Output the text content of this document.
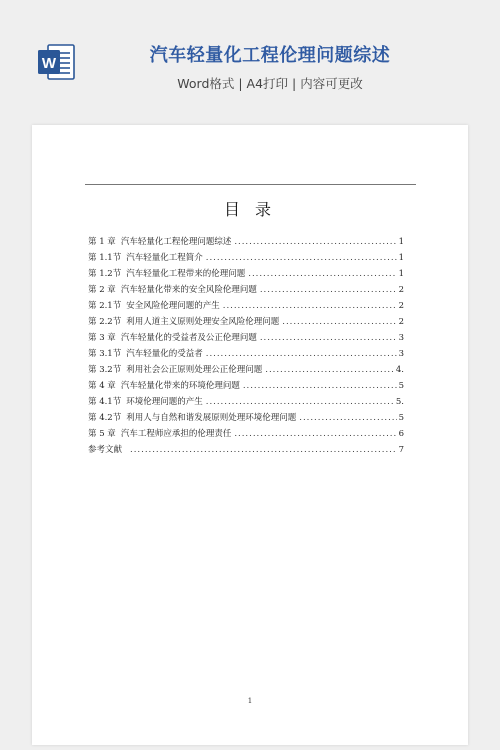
W	汽车轻量化工程伦理问题综述
Word格式 | A4打印 | 内容可更改
目 录
第 1 章 汽车轻量化工程伦理问题综述 .....	1
第 1.1节 汽车轻量化工程简介 .....	1
第 1.2节 汽车轻量化工程带来的伦理问题 .....	1
第 2 章 汽车轻量化带来的安全风险伦理问题 .....	2
第 2.1节 安全风险伦理问题的产生 .....	2
第 2.2节 利用人道主义原则处理安全风险伦理问题 .....	2
第 3 章 汽车轻量化的受益者及公正伦理问题 .....	3
第 3.1节 汽车轻量化的受益者 .....	3
第 3.2节 利用社会公正原则处理公正伦理问题 .....	4.
第 4 章 汽车轻量化带来的环境伦理问题 .....	5
第 4.1节 环境伦理问题的产生 .....	5.
第 4.2节 利用人与自然和谐发展原则处理环境伦理问题 .....	5
第 5 章 汽车工程师应承担的伦理责任 .....	6
参考文献 .....	7
1
